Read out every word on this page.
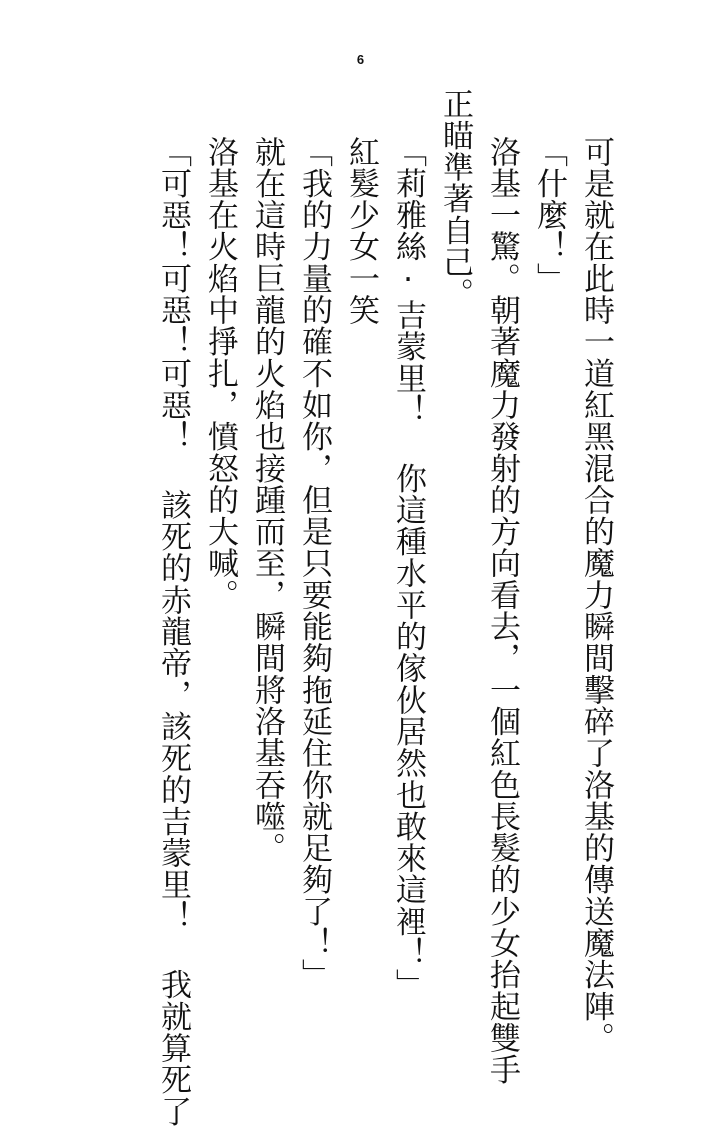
6
可是就在此時一道紅黑混合的魔力瞬間擊碎了洛基的傳送魔法陣。
「什麼！」
洛基一驚。朝著魔力發射的方向看去，一個紅色長髮的少女抬起雙手
正瞄準著自己。
「莉雅絲‧吉蒙里！ 你這種水平的傢伙居然也敢來這裡！」
紅髮少女一笑
「我的力量的確不如你，但是只要能夠拖延住你就足夠了！」
就在這時巨龍的火焰也接踵而至，瞬間將洛基吞噬。
洛基在火焰中掙扎，憤怒的大喊。
「可惡！可惡！可惡！ 該死的赤龍帝，該死的吉蒙里！ 我就算死了
